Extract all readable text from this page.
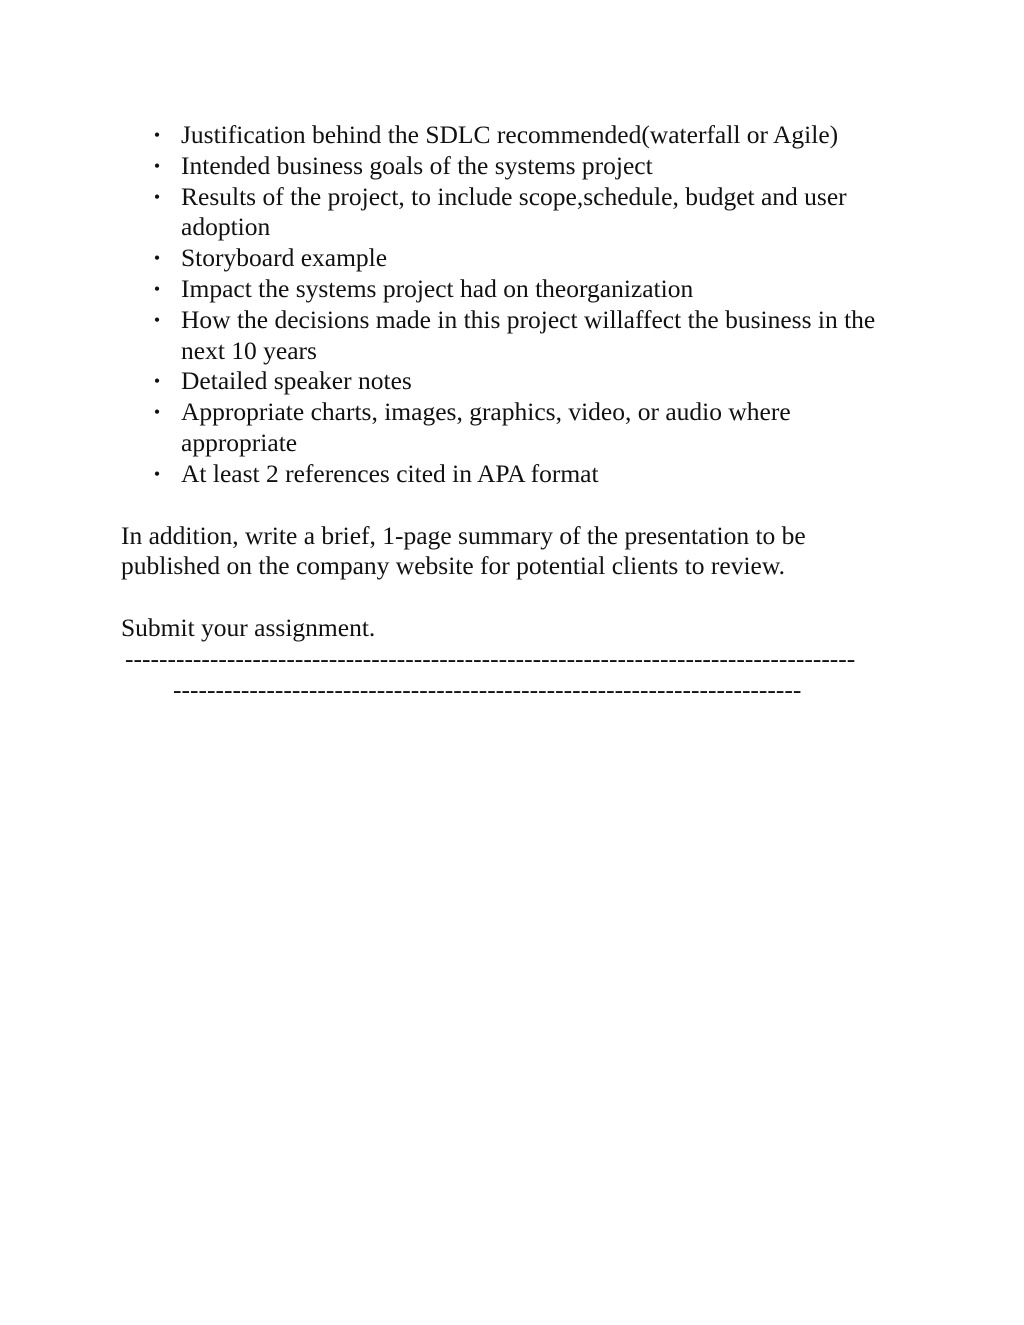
• Justification behind the SDLC recommended(waterfall or Agile)
• Intended business goals of the systems project
• Results of the project, to include scope,schedule, budget and user adoption
• Storyboard example
• Impact the systems project had on theorganization
• How the decisions made in this project willaffect the business in the next 10 years
• Detailed speaker notes
• Appropriate charts, images, graphics, video, or audio where appropriate
• At least 2 references cited in APA format

In addition, write a brief, 1-page summary of the presentation to be published on the company website for potential clients to review.

Submit your assignment.

--------------------------------------------------------------------------------------
--------------------------------------------------------------------------
